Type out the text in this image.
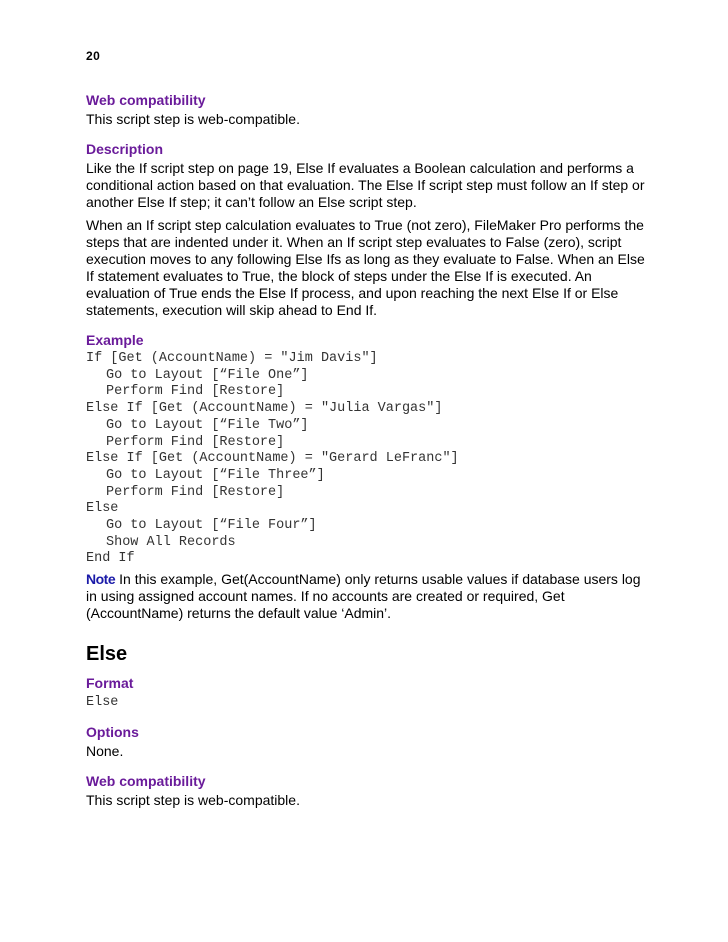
20
Web compatibility
This script step is web-compatible.
Description
Like the If script step on page 19, Else If evaluates a Boolean calculation and performs a conditional action based on that evaluation. The Else If script step must follow an If step or another Else If step; it can’t follow an Else script step.
When an If script step calculation evaluates to True (not zero), FileMaker Pro performs the steps that are indented under it. When an If script step evaluates to False (zero), script execution moves to any following Else Ifs as long as they evaluate to False. When an Else If statement evaluates to True, the block of steps under the Else If is executed. An evaluation of True ends the Else If process, and upon reaching the next Else If or Else statements, execution will skip ahead to End If.
Example
If [Get (AccountName) = "Jim Davis"]
Go to Layout [“File One”]
Perform Find [Restore]
Else If [Get (AccountName) = "Julia Vargas"]
Go to Layout [“File Two”]
Perform Find [Restore]
Else If [Get (AccountName) = "Gerard LeFranc"]
Go to Layout [“File Three”]
Perform Find [Restore]
Else
Go to Layout [“File Four”]
Show All Records
End If
Note In this example, Get(AccountName) only returns usable values if database users log in using assigned account names. If no accounts are created or required, Get (AccountName) returns the default value ‘Admin’.
Else
Format
Else
Options
None.
Web compatibility
This script step is web-compatible.
